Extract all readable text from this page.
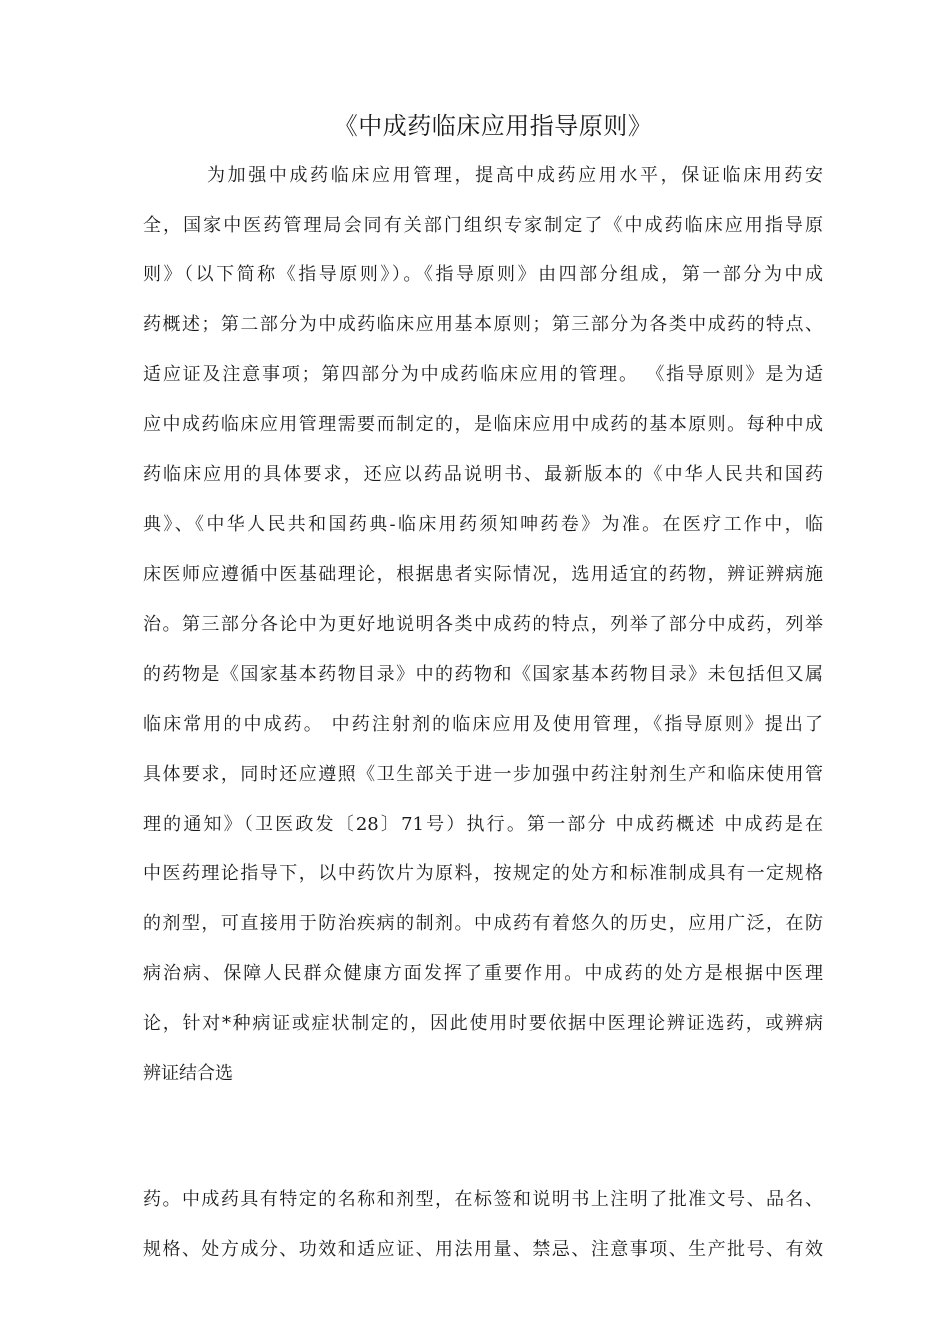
《中成药临床应用指导原则》

为加强中成药临床应用管理，提高中成药应用水平，保证临床用药安

全，国家中医药管理局会同有关部门组织专家制定了《中成药临床应用指导原

则》（以下简称《指导原则》）。《指导原则》由四部分组成，第一部分为中成

药概述；第二部分为中成药临床应用基本原则；第三部分为各类中成药的特点、

适应证及注意事项；第四部分为中成药临床应用的管理。 《指导原则》是为适

应中成药临床应用管理需要而制定的，是临床应用中成药的基本原则。每种中成

药临床应用的具体要求，还应以药品说明书、最新版本的《中华人民共和国药

典》、《中华人民共和国药典-临床用药须知呻药卷》为准。在医疗工作中，临

床医师应遵循中医基础理论，根据患者实际情况，选用适宜的药物，辨证辨病施

治。第三部分各论中为更好地说明各类中成药的特点，列举了部分中成药，列举

的药物是《国家基本药物目录》中的药物和《国家基本药物目录》未包括但又属

临床常用的中成药。 中药注射剂的临床应用及使用管理，《指导原则》提出了

具体要求，同时还应遵照《卫生部关于进一步加强中药注射剂生产和临床使用管

理的通知》（卫医政发〔28〕71号）执行。第一部分 中成药概述 中成药是在

中医药理论指导下，以中药饮片为原料，按规定的处方和标准制成具有一定规格

的剂型，可直接用于防治疾病的制剂。中成药有着悠久的历史，应用广泛，在防

病治病、保障人民群众健康方面发挥了重要作用。中成药的处方是根据中医理

论，针对*种病证或症状制定的，因此使用时要依据中医理论辨证选药，或辨病

辨证结合选

药。中成药具有特定的名称和剂型，在标签和说明书上注明了批准文号、品名、

规格、处方成分、功效和适应证、用法用量、禁忌、注意事项、生产批号、有效
